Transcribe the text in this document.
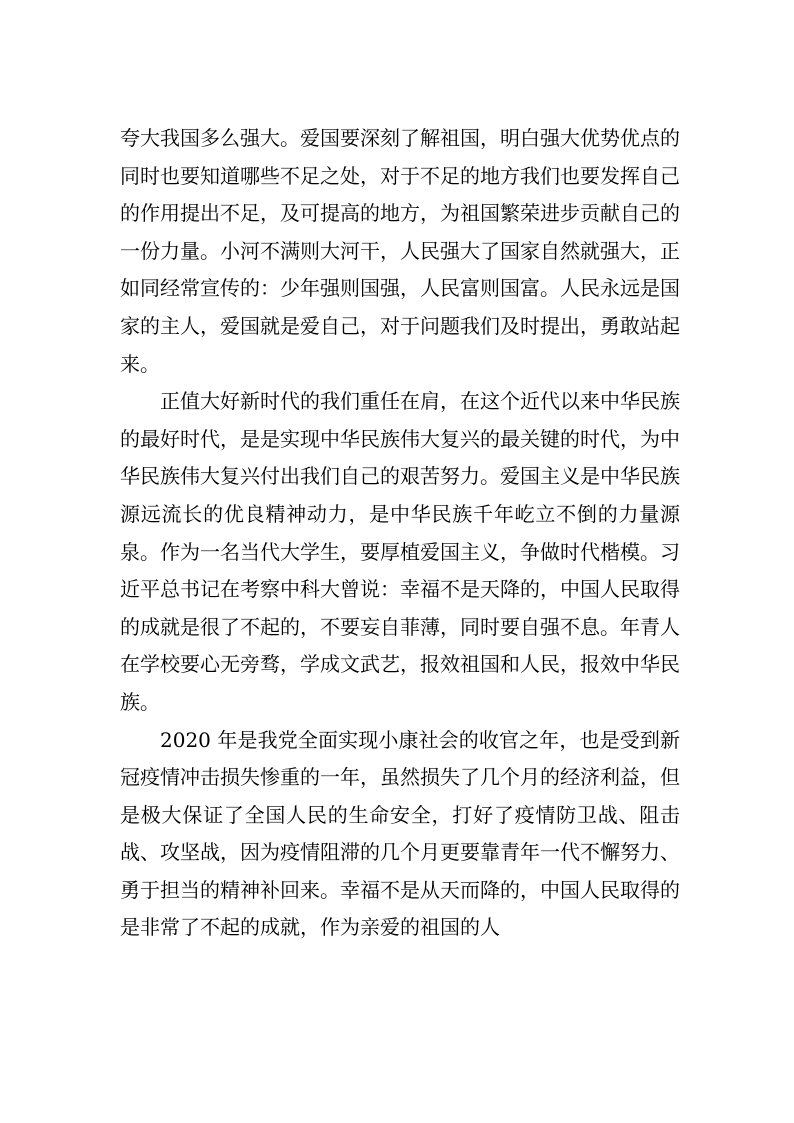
夸大我国多么强大。爱国要深刻了解祖国，明白强大优势优点的同时也要知道哪些不足之处，对于不足的地方我们也要发挥自己的作用提出不足，及可提高的地方，为祖国繁荣进步贡献自己的一份力量。小河不满则大河干，人民强大了国家自然就强大，正如同经常宣传的：少年强则国强，人民富则国富。人民永远是国家的主人，爱国就是爱自己，对于问题我们及时提出，勇敢站起来。

正值大好新时代的我们重任在肩，在这个近代以来中华民族的最好时代，是是实现中华民族伟大复兴的最关键的时代，为中华民族伟大复兴付出我们自己的艰苦努力。爱国主义是中华民族源远流长的优良精神动力，是中华民族千年屹立不倒的力量源泉。作为一名当代大学生，要厚植爱国主义，争做时代楷模。习近平总书记在考察中科大曾说：幸福不是天降的，中国人民取得的成就是很了不起的，不要妄自菲薄，同时要自强不息。年青人在学校要心无旁骛，学成文武艺，报效祖国和人民，报效中华民族。

2020 年是我党全面实现小康社会的收官之年，也是受到新冠疫情冲击损失惨重的一年，虽然损失了几个月的经济利益，但是极大保证了全国人民的生命安全，打好了疫情防卫战、阻击战、攻坚战，因为疫情阻滞的几个月更要靠青年一代不懈努力、勇于担当的精神补回来。幸福不是从天而降的，中国人民取得的是非常了不起的成就，作为亲爱的祖国的人
